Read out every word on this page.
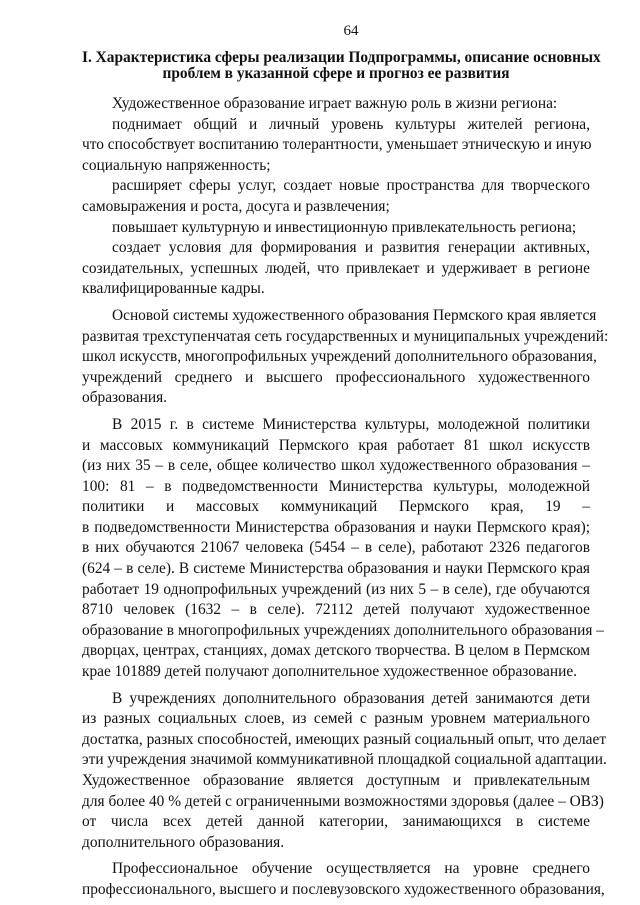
64
I. Характеристика сферы реализации Подпрограммы, описание основных
проблем в указанной сфере и прогноз ее развития
Художественное образование играет важную роль в жизни региона:
поднимает общий и личный уровень культуры жителей региона,
что способствует воспитанию толерантности, уменьшает этническую и иную
социальную напряженность;
расширяет сферы услуг, создает новые пространства для творческого
самовыражения и роста, досуга и развлечения;
повышает культурную и инвестиционную привлекательность региона;
создает условия для формирования и развития генерации активных,
созидательных, успешных людей, что привлекает и удерживает в регионе
квалифицированные кадры.
Основой системы художественного образования Пермского края является
развитая трехступенчатая сеть государственных и муниципальных учреждений:
школ искусств, многопрофильных учреждений дополнительного образования,
учреждений среднего и высшего профессионального художественного
образования.
В 2015 г. в системе Министерства культуры, молодежной политики
и массовых коммуникаций Пермского края работает 81 школ искусств
(из них 35 – в селе, общее количество школ художественного образования –
100: 81 – в подведомственности Министерства культуры, молодежной
политики и массовых коммуникаций Пермского края, 19 –
в подведомственности Министерства образования и науки Пермского края);
в них обучаются 21067 человека (5454 – в селе), работают 2326 педагогов
(624 – в селе). В системе Министерства образования и науки Пермского края
работает 19 однопрофильных учреждений (из них 5 – в селе), где обучаются
8710 человек (1632 – в селе). 72112 детей получают художественное
образование в многопрофильных учреждениях дополнительного образования –
дворцах, центрах, станциях, домах детского творчества. В целом в Пермском
крае 101889 детей получают дополнительное художественное образование.
В учреждениях дополнительного образования детей занимаются дети
из разных социальных слоев, из семей с разным уровнем материального
достатка, разных способностей, имеющих разный социальный опыт, что делает
эти учреждения значимой коммуникативной площадкой социальной адаптации.
Художественное образование является доступным и привлекательным
для более 40 % детей с ограниченными возможностями здоровья (далее – ОВЗ)
от числа всех детей данной категории, занимающихся в системе
дополнительного образования.
Профессиональное обучение осуществляется на уровне среднего
профессионального, высшего и послевузовского художественного образования,
